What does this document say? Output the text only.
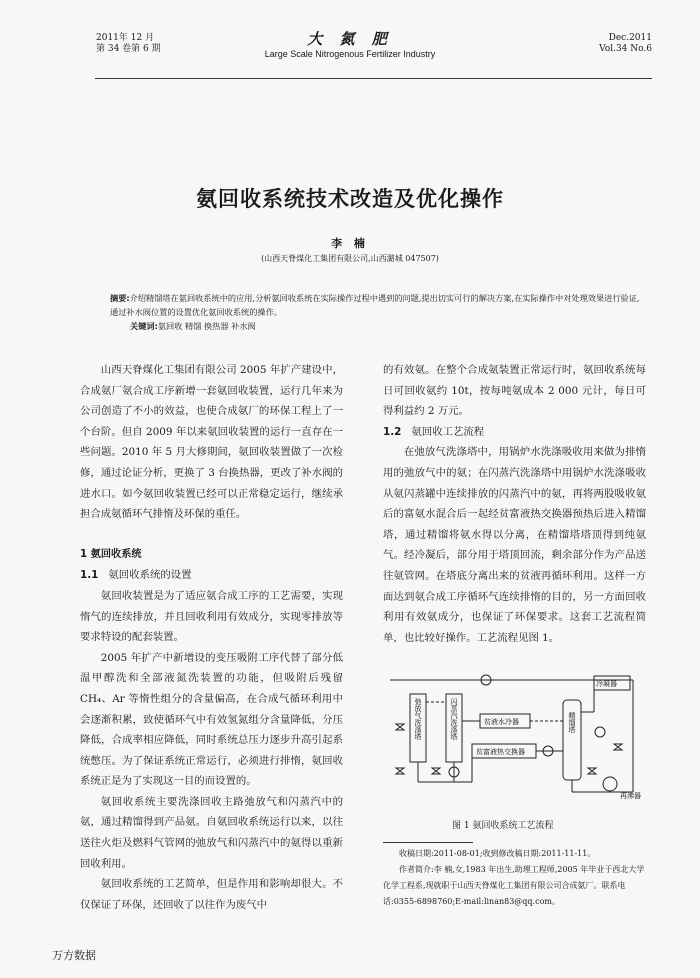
2011年 12 月
第 34 卷第 6 期
大 氮 肥
Large Scale Nitrogenous Fertilizer Industry
Dec.2011
Vol.34 No.6
氨回收系统技术改造及优化操作
李 楠
(山西天脊煤化工集团有限公司,山西潞城 047507)
摘要:介绍精馏塔在氨回收系统中的应用,分析氨回收系统在实际操作过程中遇到的问题,提出切实可行的解决方案,在实际操作中对处理效果进行验证,通过补水阀位置的设置优化氨回收系统的操作。
关键词:氨回收 精馏 换热器 补水阀

山西天脊煤化工集团有限公司 2005 年扩产建设中，合成氨厂氨合成工序新增一套氨回收装置，运行几年来为公司创造了不小的效益，也使合成氨厂的环保工程上了一个台阶。但自 2009 年以来氨回收装置的运行一直存在一些问题。2010 年 5 月大修期间，氨回收装置做了一次检修，通过论证分析，更换了 3 台换热器，更改了补水阀的进水口。如今氨回收装置已经可以正常稳定运行，继续承担合成氨循环气排惰及环保的重任。

1 氨回收系统

1.1 氨回收系统的设置

氨回收装置是为了适应氨合成工序的工艺需要，实现惰气的连续排放，并且回收利用有效成分，实现零排放等要求特设的配套装置。

2005 年扩产中新增设的变压吸附工序代替了部分低温甲醇洗和全部液氮洗装置的功能，但吸附后残留 CH₄、Ar 等惰性组分的含量偏高，在合成气循环利用中会逐渐积累，致使循环气中有效氢氮组分含量降低，分压降低，合成率相应降低，同时系统总压力逐步升高引起系统憋压。为了保证系统正常运行，必须进行排惰，氨回收系统正是为了实现这一目的而设置的。

氨回收系统主要洗涤回收主路弛放气和闪蒸汽中的氨，通过精馏得到产品氨。自氨回收系统运行以来，以往送往火炬及燃料气管网的弛放气和闪蒸汽中的氨得以重新回收利用。

氨回收系统的工艺简单，但是作用和影响却很大。不仅保证了环保，还回收了以往作为废气中

的有效氨。在整个合成氨装置正常运行时，氨回收系统每日可回收氨约 10t，按每吨氨成本 2 000 元计，每日可得利益约 2 万元。

1.2 氨回收工艺流程

在弛放气洗涤塔中，用锅炉水洗涤吸收用来做为排惰用的弛放气中的氨；在闪蒸汽洗涤塔中用锅炉水洗涤吸收从氨闪蒸罐中连续排放的闪蒸汽中的氨，再将两股吸收氨后的富氨水混合后一起经贫富液热交换器预热后进入精馏塔，通过精馏将氨水得以分离，在精馏塔塔顶得到纯氨气。经冷凝后，部分用于塔顶回流，剩余部分作为产品送往氨管网。在塔底分离出来的贫液再循环利用。这样一方面达到氨合成工序循环气连续排惰的目的，另一方面回收利用有效氨成分，也保证了环保要求。这套工艺流程简单，也比较好操作。工艺流程见图 1。

弛放气洗涤塔	闪蒸汽洗涤塔	贫液水冷器
贫富液热交换器
精馏塔
冷凝器
再沸器
图 1 氨回收系统工艺流程

收稿日期:2011-08-01;收到修改稿日期:2011-11-11。

作者简介:李 楠,女,1983 年出生,助理工程师,2005 年毕业于西北大学化学工程系,现就职于山西天脊煤化工集团有限公司合成氨厂。联系电话:0355-6898760;E-mail:linan83@qq.com。

万方数据
